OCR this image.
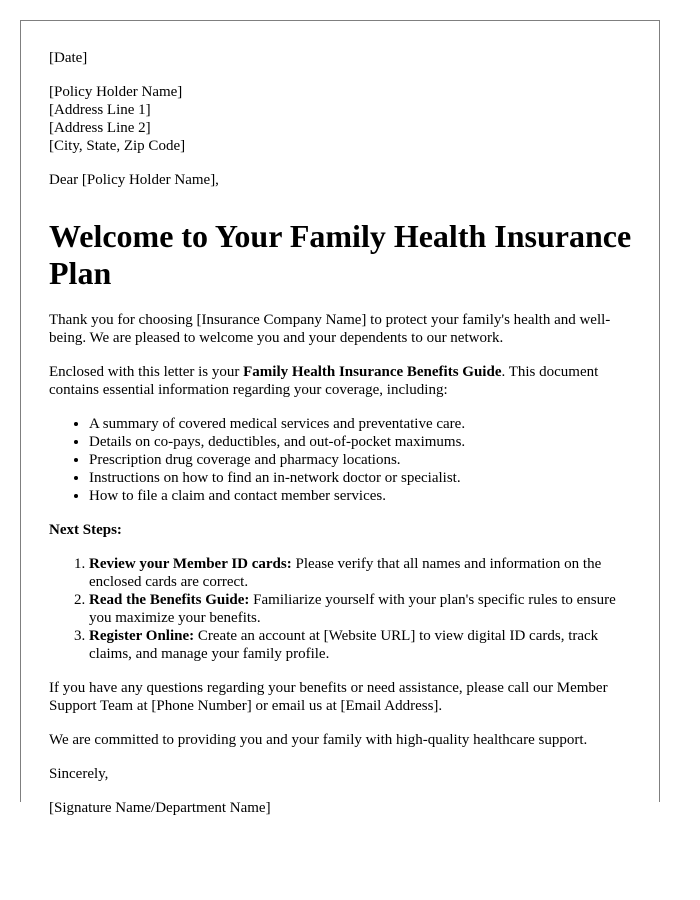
[Date]

[Policy Holder Name]
[Address Line 1]
[Address Line 2]
[City, State, Zip Code]

Dear [Policy Holder Name],

Welcome to Your Family Health Insurance Plan

Thank you for choosing [Insurance Company Name] to protect your family's health and well-being. We are pleased to welcome you and your dependents to our network.

Enclosed with this letter is your Family Health Insurance Benefits Guide. This document contains essential information regarding your coverage, including:

• A summary of covered medical services and preventative care.
• Details on co-pays, deductibles, and out-of-pocket maximums.
• Prescription drug coverage and pharmacy locations.
• Instructions on how to find an in-network doctor or specialist.
• How to file a claim and contact member services.

Next Steps:

1. Review your Member ID cards: Please verify that all names and information on the enclosed cards are correct.
2. Read the Benefits Guide: Familiarize yourself with your plan's specific rules to ensure you maximize your benefits.
3. Register Online: Create an account at [Website URL] to view digital ID cards, track claims, and manage your family profile.

If you have any questions regarding your benefits or need assistance, please call our Member Support Team at [Phone Number] or email us at [Email Address].

We are committed to providing you and your family with high-quality healthcare support.

Sincerely,

[Signature Name/Department Name]
